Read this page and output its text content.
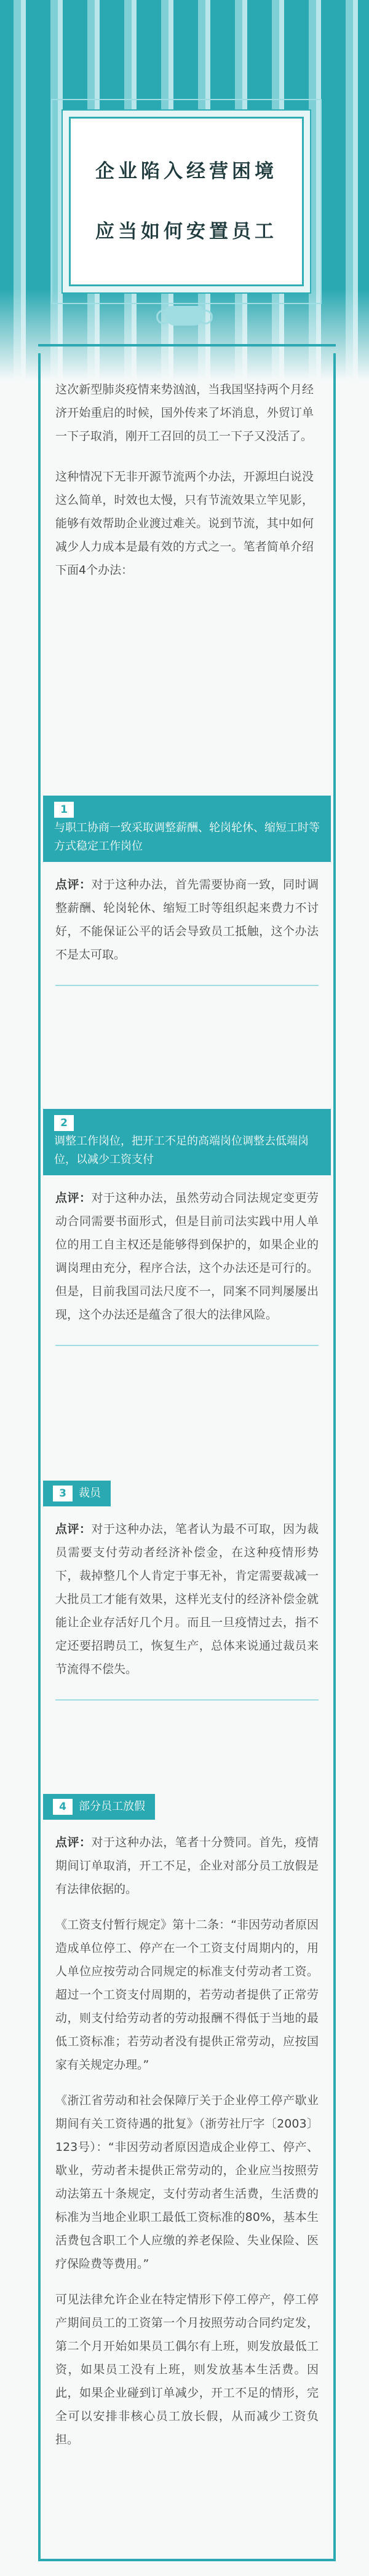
企业陷入经营困境
应当如何安置员工

这次新型肺炎疫情来势汹汹，当我国坚持两个月经济开始重启的时候，国外传来了坏消息，外贸订单一下子取消，刚开工召回的员工一下子又没活了。

这种情况下无非开源节流两个办法，开源坦白说没这么简单，时效也太慢，只有节流效果立竿见影，能够有效帮助企业渡过难关。说到节流，其中如何减少人力成本是最有效的方式之一。笔者简单介绍下面4个办法：

1
与职工协商一致采取调整薪酬、轮岗轮休、缩短工时等方式稳定工作岗位

点评：对于这种办法，首先需要协商一致，同时调整薪酬、轮岗轮休、缩短工时等组织起来费力不讨好，不能保证公平的话会导致员工抵触，这个办法不是太可取。

2
调整工作岗位，把开工不足的高端岗位调整去低端岗位，以减少工资支付

点评：对于这种办法，虽然劳动合同法规定变更劳动合同需要书面形式，但是目前司法实践中用人单位的用工自主权还是能够得到保护的，如果企业的调岗理由充分，程序合法，这个办法还是可行的。但是，目前我国司法尺度不一，同案不同判屡屡出现，这个办法还是蕴含了很大的法律风险。

3 裁员

点评：对于这种办法，笔者认为最不可取，因为裁员需要支付劳动者经济补偿金，在这种疫情形势下，裁掉整几个人肯定于事无补，肯定需要裁减一大批员工才能有效果，这样光支付的经济补偿金就能让企业存活好几个月。而且一旦疫情过去，指不定还要招聘员工，恢复生产，总体来说通过裁员来节流得不偿失。

4 部分员工放假

点评：对于这种办法，笔者十分赞同。首先，疫情期间订单取消，开工不足，企业对部分员工放假是有法律依据的。

《工资支付暂行规定》第十二条：“非因劳动者原因造成单位停工、停产在一个工资支付周期内的，用人单位应按劳动合同规定的标准支付劳动者工资。超过一个工资支付周期的，若劳动者提供了正常劳动，则支付给劳动者的劳动报酬不得低于当地的最低工资标准；若劳动者没有提供正常劳动，应按国家有关规定办理。”

《浙江省劳动和社会保障厅关于企业停工停产歇业期间有关工资待遇的批复》（浙劳社厅字〔2003〕123号）：“非因劳动者原因造成企业停工、停产、歇业，劳动者未提供正常劳动的，企业应当按照劳动法第五十条规定，支付劳动者生活费，生活费的标准为当地企业职工最低工资标准的80%，基本生活费包含职工个人应缴的养老保险、失业保险、医疗保险费等费用。”

可见法律允许企业在特定情形下停工停产，停工停产期间员工的工资第一个月按照劳动合同约定发，第二个月开始如果员工偶尔有上班，则发放最低工资，如果员工没有上班，则发放基本生活费。因此，如果企业碰到订单减少，开工不足的情形，完全可以安排非核心员工放长假，从而减少工资负担。
